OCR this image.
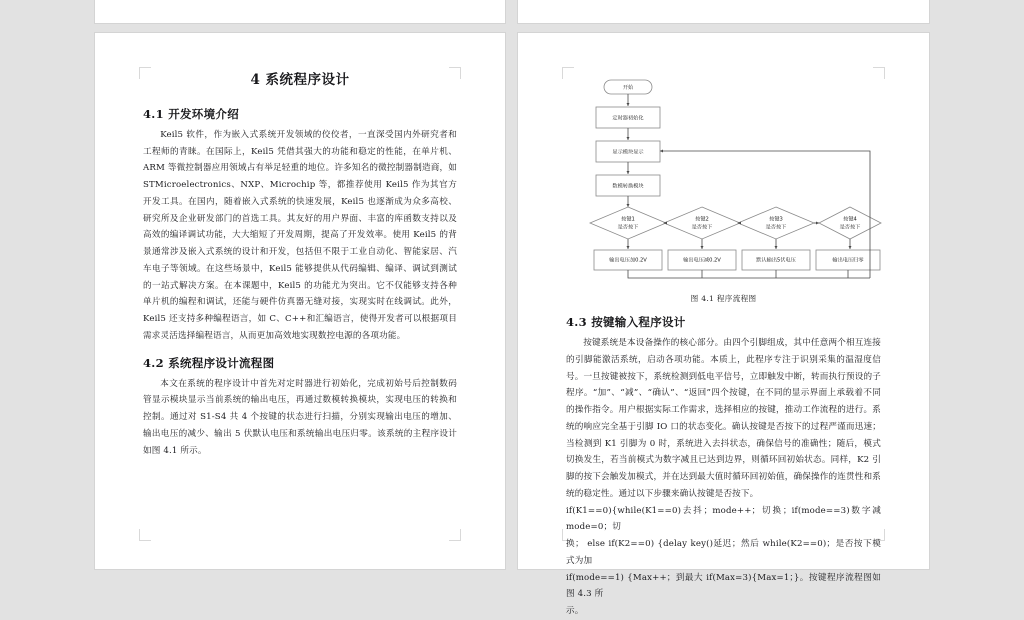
4 系统程序设计
4.1 开发环境介绍

Keil5 软件，作为嵌入式系统开发领域的佼佼者，一直深受国内外研究者和工程师的青睐。在国际上，Keil5 凭借其强大的功能和稳定的性能，在单片机、ARM 等微控制器应用领域占有举足轻重的地位。许多知名的微控制器制造商，如 STMicroelectronics、NXP、Microchip 等，都推荐使用 Keil5 作为其官方开发工具。在国内，随着嵌入式系统的快速发展，Keil5 也逐渐成为众多高校、研究所及企业研发部门的首选工具。其友好的用户界面、丰富的库函数支持以及高效的编译调试功能，大大缩短了开发周期，提高了开发效率。使用 Keil5 的背景通常涉及嵌入式系统的设计和开发，包括但不限于工业自动化、智能家居、汽车电子等领域。在这些场景中，Keil5 能够提供从代码编辑、编译、调试到测试的一站式解决方案。在本课题中，Keil5 的功能尤为突出。它不仅能够支持各种单片机的编程和调试，还能与硬件仿真器无缝对接，实现实时在线调试。此外，Keil5 还支持多种编程语言，如 C、C++和汇编语言，使得开发者可以根据项目需求灵活选择编程语言，从而更加高效地实现数控电源的各项功能。

4.2 系统程序设计流程图

本文在系统的程序设计中首先对定时器进行初始化，完成初始号后控制数码管显示模块显示当前系统的输出电压，再通过数模转换模块，实现电压的转换和控制。通过对 S1-S4 共 4 个按键的状态进行扫描，分别实现输出电压的增加、输出电压的减少、输出 5 伏默认电压和系统输出电压归零。该系统的主程序设计如图 4.1 所示。

开始
定时器初始化
显示模块显示
数模转换模块
按键1
是否按下
按键2
是否按下
按键3
是否按下
按键4
是否按下
输出电压加0.2V	输出电压减0.2V	默认输出5伏电压	输出电压归零
图 4.1 程序流程图
4.3 按键输入程序设计

按键系统是本设备操作的核心部分。由四个引脚组成，其中任意两个相互连接的引脚能激活系统，启动各项功能。本质上，此程序专注于识别采集的温湿度信号。一旦按键被按下，系统检测到低电平信号，立即触发中断，转而执行预设的子程序。“加”、“减”、“确认”、“返回”四个按键，在不同的显示界面上承载着不同的操作指令。用户根据实际工作需求，选择相应的按键，推动工作流程的进行。系统的响应完全基于引脚 IO 口的状态变化。确认按键是否按下的过程严谨而迅速；当检测到 K1 引脚为 0 时，系统进入去抖状态，确保信号的准确性；随后，模式切换发生，若当前模式为数字减且已达到边界，则循环回初始状态。同样，K2 引脚的按下会触发加模式，并在达到最大值时循环回初始值，确保操作的连贯性和系统的稳定性。通过以下步骤来确认按键是否按下。

if(K1==0){while(K1==0)去抖；mode++；切换；if(mode==3)数字减 mode=0；切

换； else if(K2==0) {delay key()延迟；然后 while(K2==0)；是否按下模式为加

if(mode==1) {Max++；到最大 if(Max=3){Max=1；}。按键程序流程图如图 4.3 所

示。
